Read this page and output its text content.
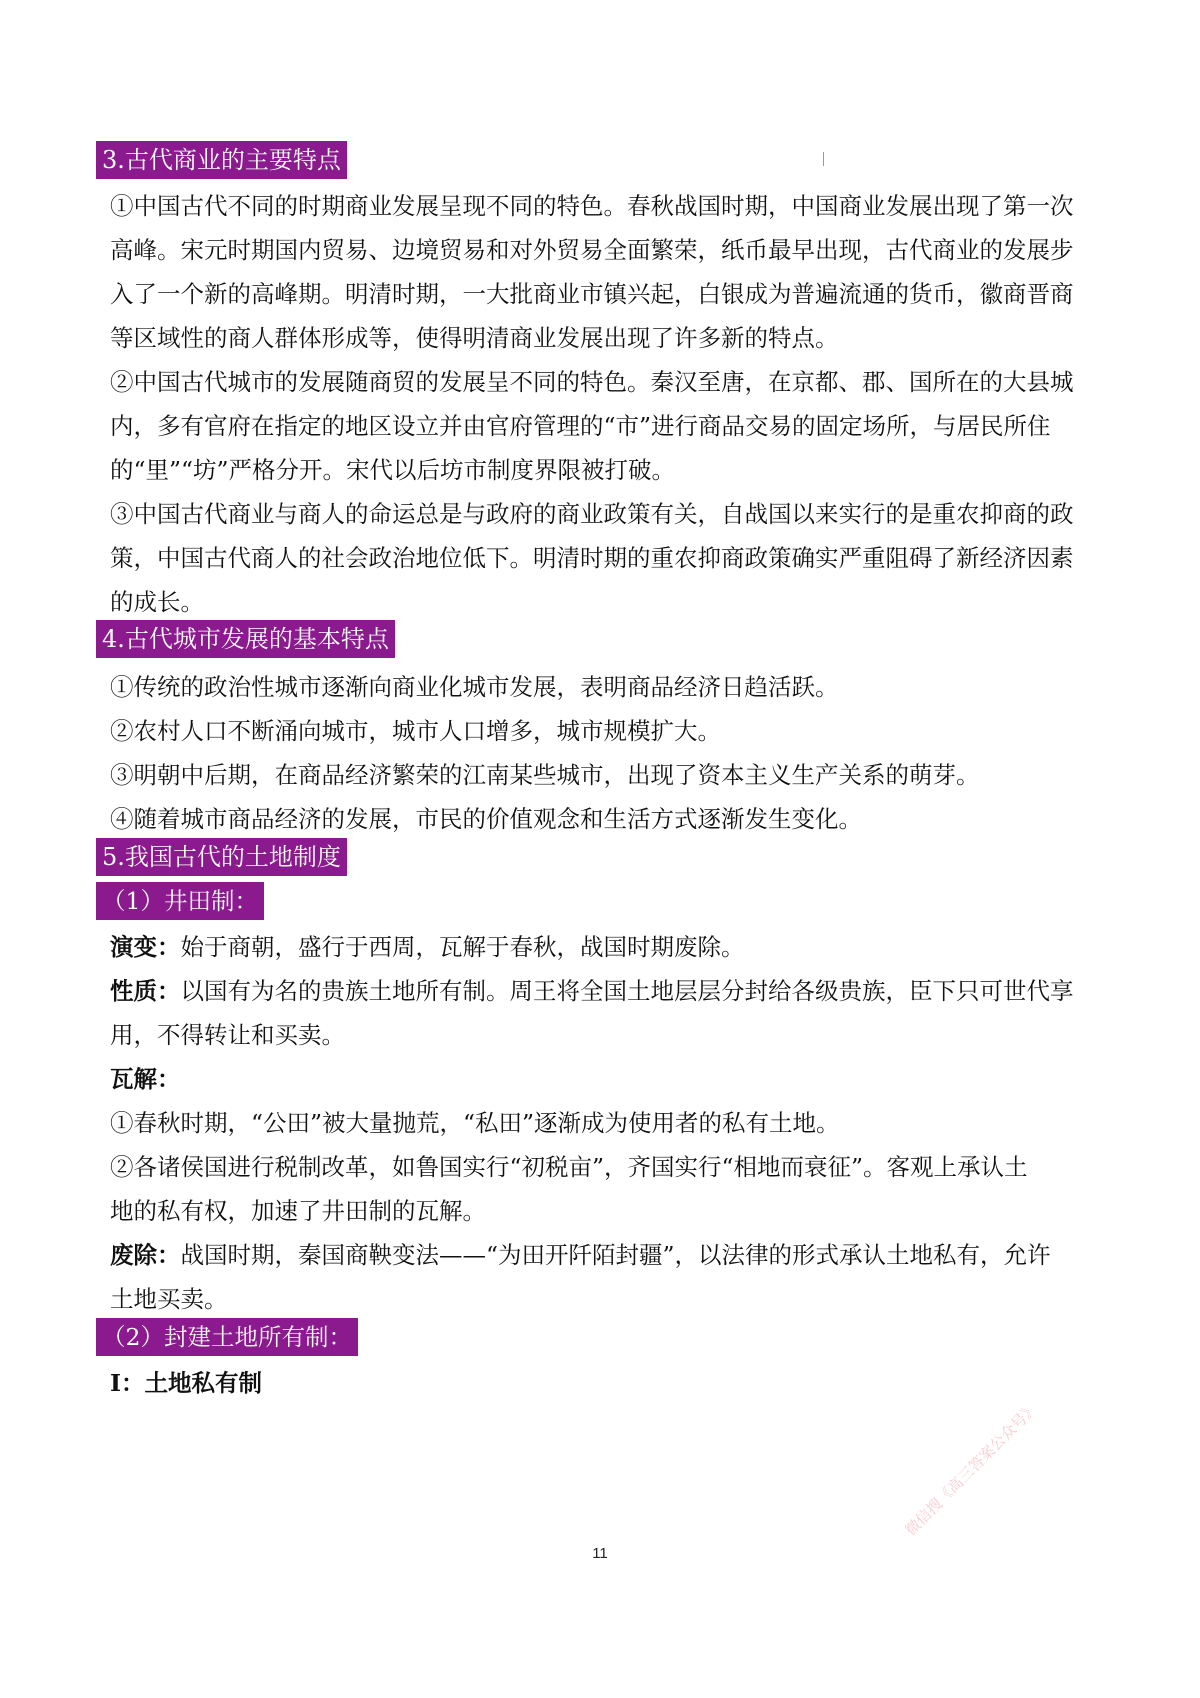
3.古代商业的主要特点
①中国古代不同的时期商业发展呈现不同的特色。春秋战国时期，中国商业发展出现了第一次
高峰。宋元时期国内贸易、边境贸易和对外贸易全面繁荣，纸币最早出现，古代商业的发展步
入了一个新的高峰期。明清时期，一大批商业市镇兴起，白银成为普遍流通的货币，徽商晋商
等区域性的商人群体形成等，使得明清商业发展出现了许多新的特点。
②中国古代城市的发展随商贸的发展呈不同的特色。秦汉至唐，在京都、郡、国所在的大县城
内，多有官府在指定的地区设立并由官府管理的“市”进行商品交易的固定场所，与居民所住
的“里”“坊”严格分开。宋代以后坊市制度界限被打破。
③中国古代商业与商人的命运总是与政府的商业政策有关，自战国以来实行的是重农抑商的政
策，中国古代商人的社会政治地位低下。明清时期的重农抑商政策确实严重阻碍了新经济因素
的成长。
4.古代城市发展的基本特点
①传统的政治性城市逐渐向商业化城市发展，表明商品经济日趋活跃。
②农村人口不断涌向城市，城市人口增多，城市规模扩大。
③明朝中后期，在商品经济繁荣的江南某些城市，出现了资本主义生产关系的萌芽。
④随着城市商品经济的发展，市民的价值观念和生活方式逐渐发生变化。
5.我国古代的土地制度
（1）井田制：
演变：始于商朝，盛行于西周，瓦解于春秋，战国时期废除。
性质：以国有为名的贵族土地所有制。周王将全国土地层层分封给各级贵族，臣下只可世代享
用，不得转让和买卖。
瓦解：
①春秋时期，“公田”被大量抛荒，“私田”逐渐成为使用者的私有土地。
②各诸侯国进行税制改革，如鲁国实行“初税亩”，齐国实行“相地而衰征”。客观上承认土
地的私有权，加速了井田制的瓦解。
废除：战国时期，秦国商鞅变法——“为田开阡陌封疆”，以法律的形式承认土地私有，允许
土地买卖。
（2）封建土地所有制：
Ⅰ：土地私有制
11
微信搜《高三答案公众号》
